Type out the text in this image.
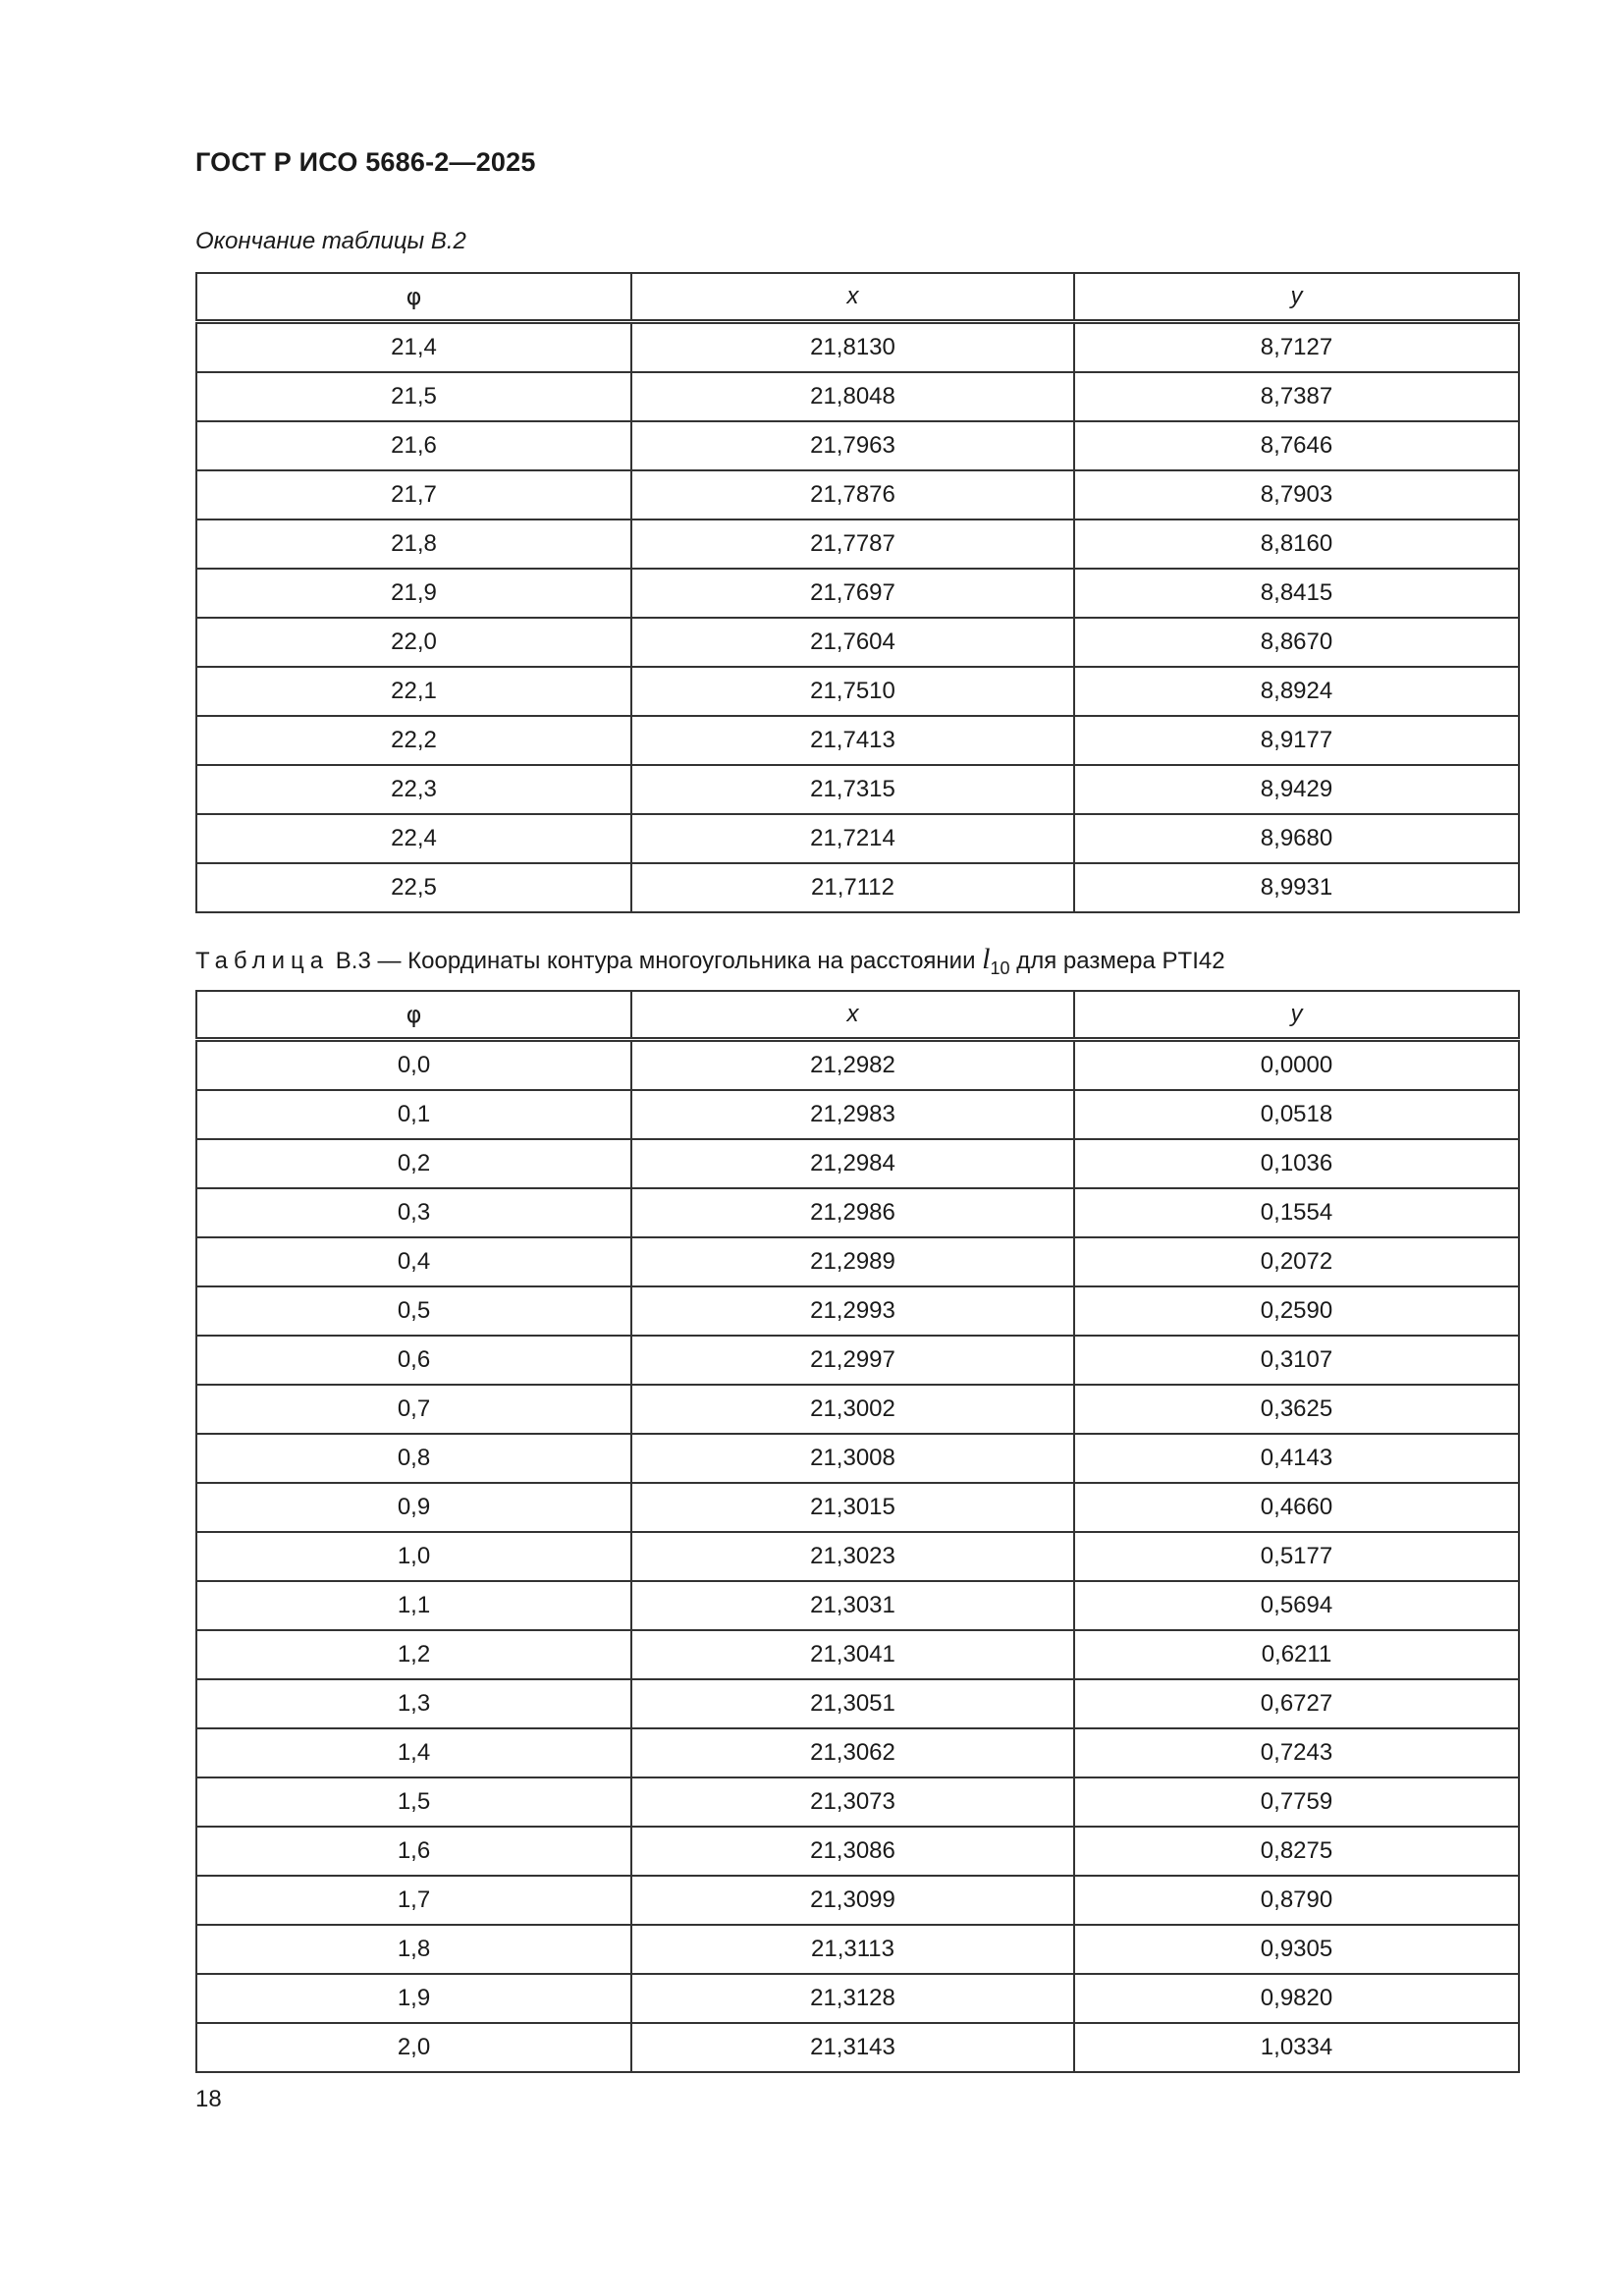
ГОСТ Р ИСО 5686-2—2025
Окончание таблицы В.2
φ	x	y
21,4	21,8130	8,7127
21,5	21,8048	8,7387
21,6	21,7963	8,7646
21,7	21,7876	8,7903
21,8	21,7787	8,8160
21,9	21,7697	8,8415
22,0	21,7604	8,8670
22,1	21,7510	8,8924
22,2	21,7413	8,9177
22,3	21,7315	8,9429
22,4	21,7214	8,9680
22,5	21,7112	8,9931
Таблица В.3 — Координаты контура многоугольника на расстоянии $l_{10}$ для размера PTI42
φ	x	y
0,0	21,2982	0,0000
0,1	21,2983	0,0518
0,2	21,2984	0,1036
0,3	21,2986	0,1554
0,4	21,2989	0,2072
0,5	21,2993	0,2590
0,6	21,2997	0,3107
0,7	21,3002	0,3625
0,8	21,3008	0,4143
0,9	21,3015	0,4660
1,0	21,3023	0,5177
1,1	21,3031	0,5694
1,2	21,3041	0,6211
1,3	21,3051	0,6727
1,4	21,3062	0,7243
1,5	21,3073	0,7759
1,6	21,3086	0,8275
1,7	21,3099	0,8790
1,8	21,3113	0,9305
1,9	21,3128	0,9820
2,0	21,3143	1,0334
18
